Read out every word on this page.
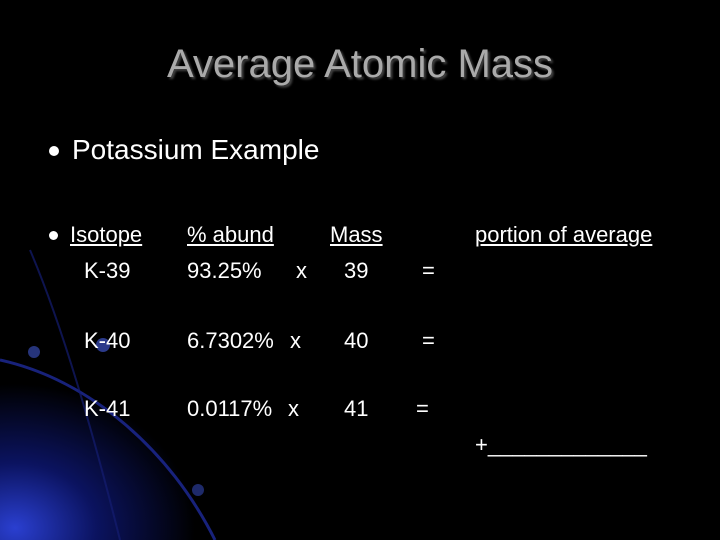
Average Atomic Mass
Potassium Example
Isotope % abund	Mass	portion of average
K-39	93.25% x 39 =
K-40	6.7302% x 40 =
K-41	0.0117% x 41 =
+_____________
